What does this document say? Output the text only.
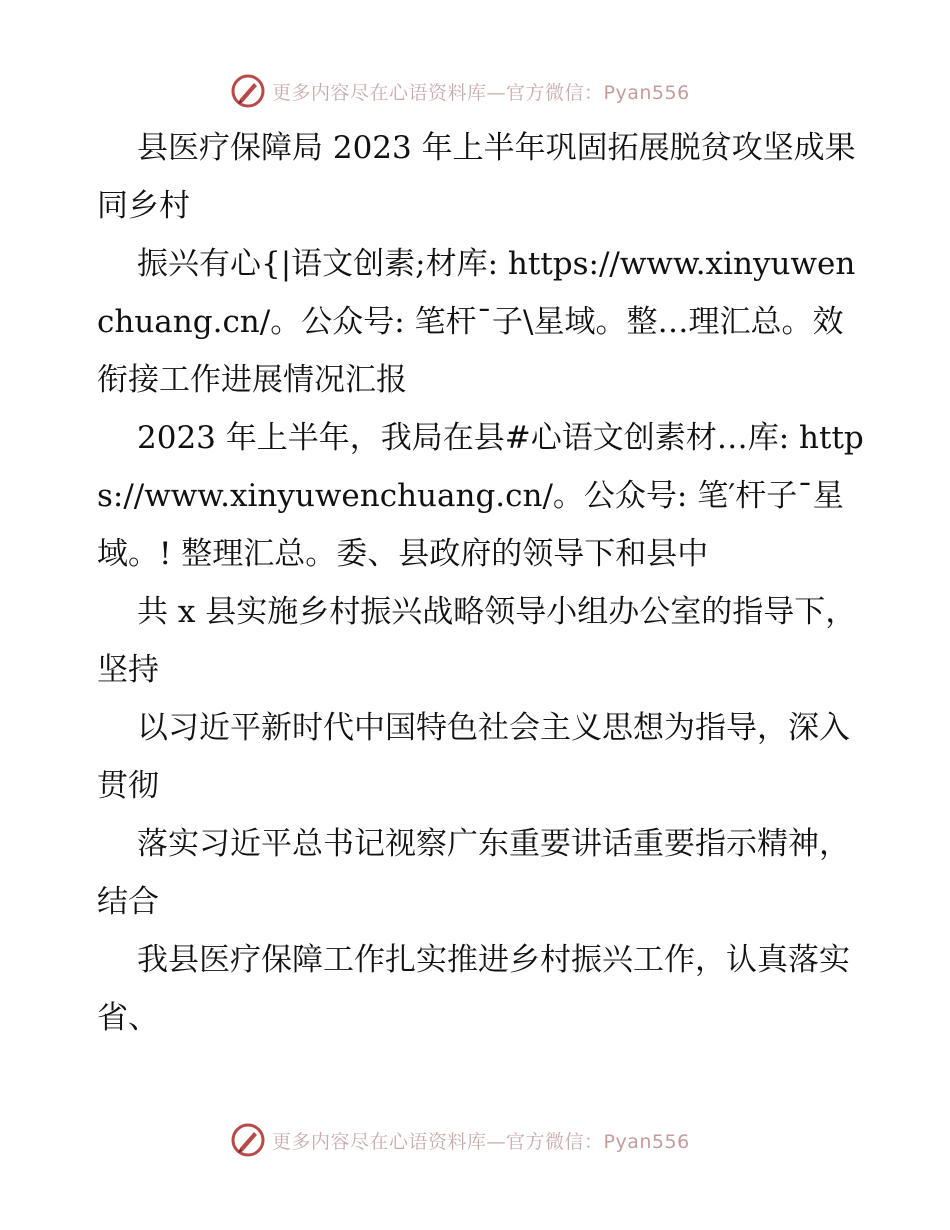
更多内容尽在心语资料库—官方微信：Pyan556

县医疗保障局 2023 年上半年巩固拓展脱贫攻坚成果同乡村

振兴有心{|语文创素;材库: https://www.xinyuwenchuang.cn/。公众号: 笔杆¯子\星域。整…理汇总。效衔接工作进展情况汇报

2023 年上半年，我局在县#心语文创素材…库: https://www.xinyuwenchuang.cn/。公众号: 笔′杆子¯星域。! 整理汇总。委、县政府的领导下和县中

共 x 县实施乡村振兴战略领导小组办公室的指导下，坚持

以习近平新时代中国特色社会主义思想为指导，深入贯彻

落实习近平总书记视察广东重要讲话重要指示精神，结合

我县医疗保障工作扎实推进乡村振兴工作，认真落实省、

更多内容尽在心语资料库—官方微信：Pyan556
